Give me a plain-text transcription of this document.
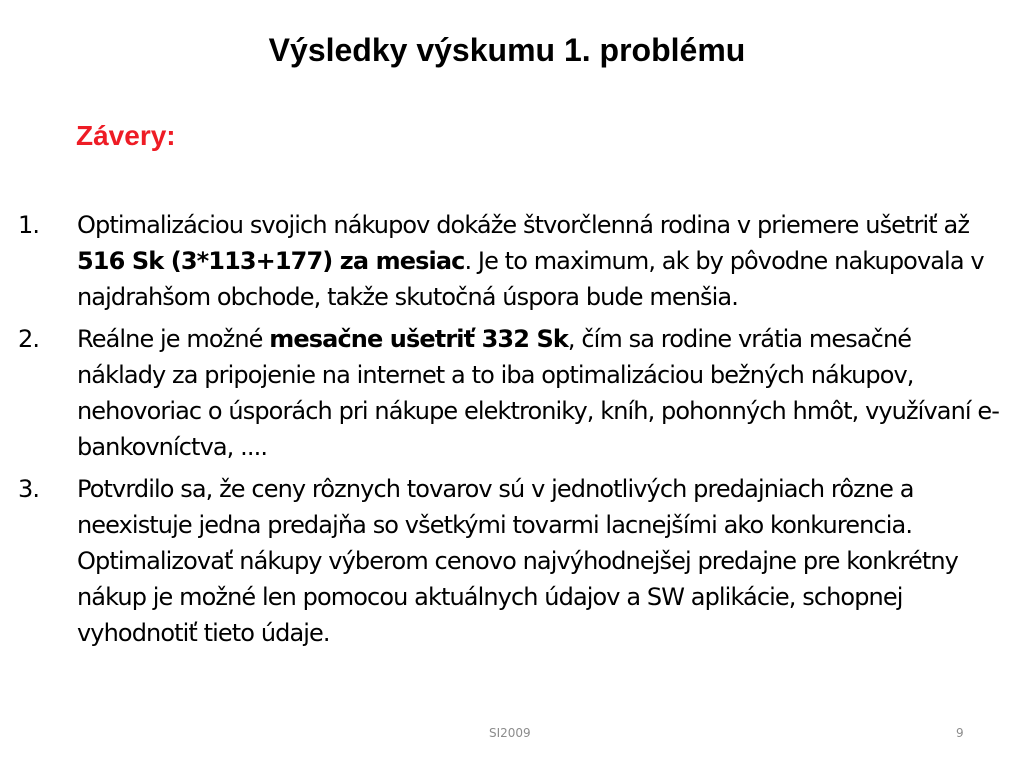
Výsledky výskumu 1. problému
Závery:
1. Optimalizáciou svojich nákupov dokáže štvorčlenná rodina v priemere ušetriť až 516 Sk (3*113+177) za mesiac. Je to maximum, ak by pôvodne nakupovala v najdrahšom obchode, takže skutočná úspora bude menšia.
2. Reálne je možné mesačne ušetriť 332 Sk, čím sa rodine vrátia mesačné náklady za pripojenie na internet a to iba optimalizáciou bežných nákupov, nehovoriac o úsporách pri nákupe elektroniky, kníh, pohonných hmôt, využívaní e-bankovníctva, ....
3. Potvrdilo sa, že ceny rôznych tovarov sú v jednotlivých predajniach rôzne a neexistuje jedna predajňa so všetkými tovarmi lacnejšími ako konkurencia. Optimalizovať nákupy výberom cenovo najvýhodnejšej predajne pre konkrétny nákup je možné len pomocou aktuálnych údajov a SW aplikácie, schopnej vyhodnotiť tieto údaje.
SI2009	9
